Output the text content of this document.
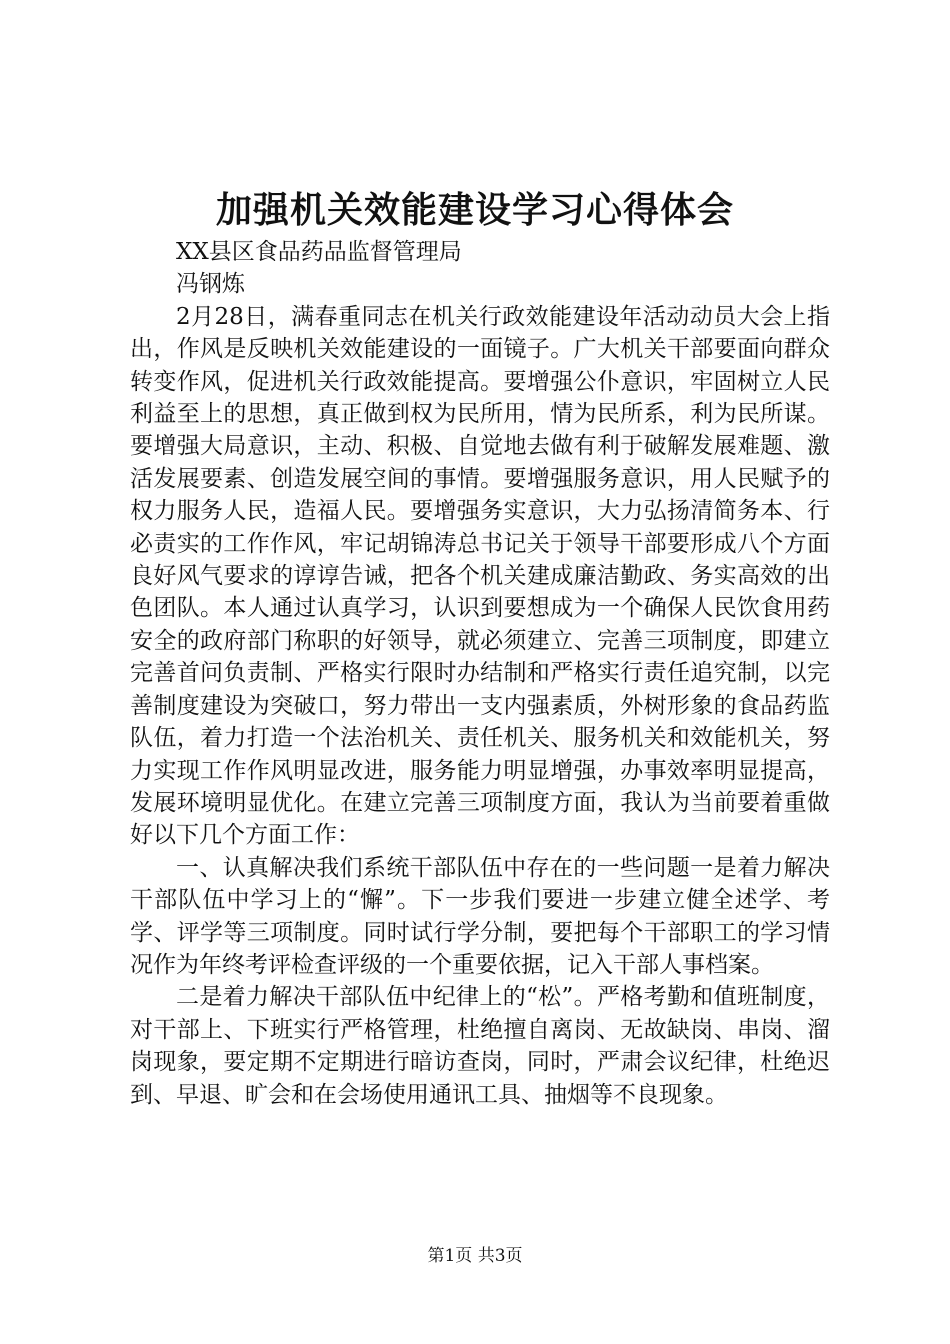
加强机关效能建设学习心得体会

XX县区食品药品监督管理局

冯钢炼

2月28日，满春重同志在机关行政效能建设年活动动员大会上指出，作风是反映机关效能建设的一面镜子。广大机关干部要面向群众转变作风，促进机关行政效能提高。要增强公仆意识，牢固树立人民利益至上的思想，真正做到权为民所用，情为民所系，利为民所谋。要增强大局意识，主动、积极、自觉地去做有利于破解发展难题、激活发展要素、创造发展空间的事情。要增强服务意识，用人民赋予的权力服务人民，造福人民。要增强务实意识，大力弘扬清简务本、行必责实的工作作风，牢记胡锦涛总书记关于领导干部要形成八个方面良好风气要求的谆谆告诫，把各个机关建成廉洁勤政、务实高效的出色团队。本人通过认真学习，认识到要想成为一个确保人民饮食用药安全的政府部门称职的好领导，就必须建立、完善三项制度，即建立完善首问负责制、严格实行限时办结制和严格实行责任追究制，以完善制度建设为突破口，努力带出一支内强素质，外树形象的食品药监队伍，着力打造一个法治机关、责任机关、服务机关和效能机关，努力实现工作作风明显改进，服务能力明显增强，办事效率明显提高，发展环境明显优化。在建立完善三项制度方面，我认为当前要着重做好以下几个方面工作：

一、认真解决我们系统干部队伍中存在的一些问题一是着力解决干部队伍中学习上的“懈”。下一步我们要进一步建立健全述学、考学、评学等三项制度。同时试行学分制，要把每个干部职工的学习情况作为年终考评检查评级的一个重要依据，记入干部人事档案。

二是着力解决干部队伍中纪律上的“松”。严格考勤和值班制度，对干部上、下班实行严格管理，杜绝擅自离岗、无故缺岗、串岗、溜岗现象，要定期不定期进行暗访查岗，同时，严肃会议纪律，杜绝迟到、早退、旷会和在会场使用通讯工具、抽烟等不良现象。

第1页 共3页
